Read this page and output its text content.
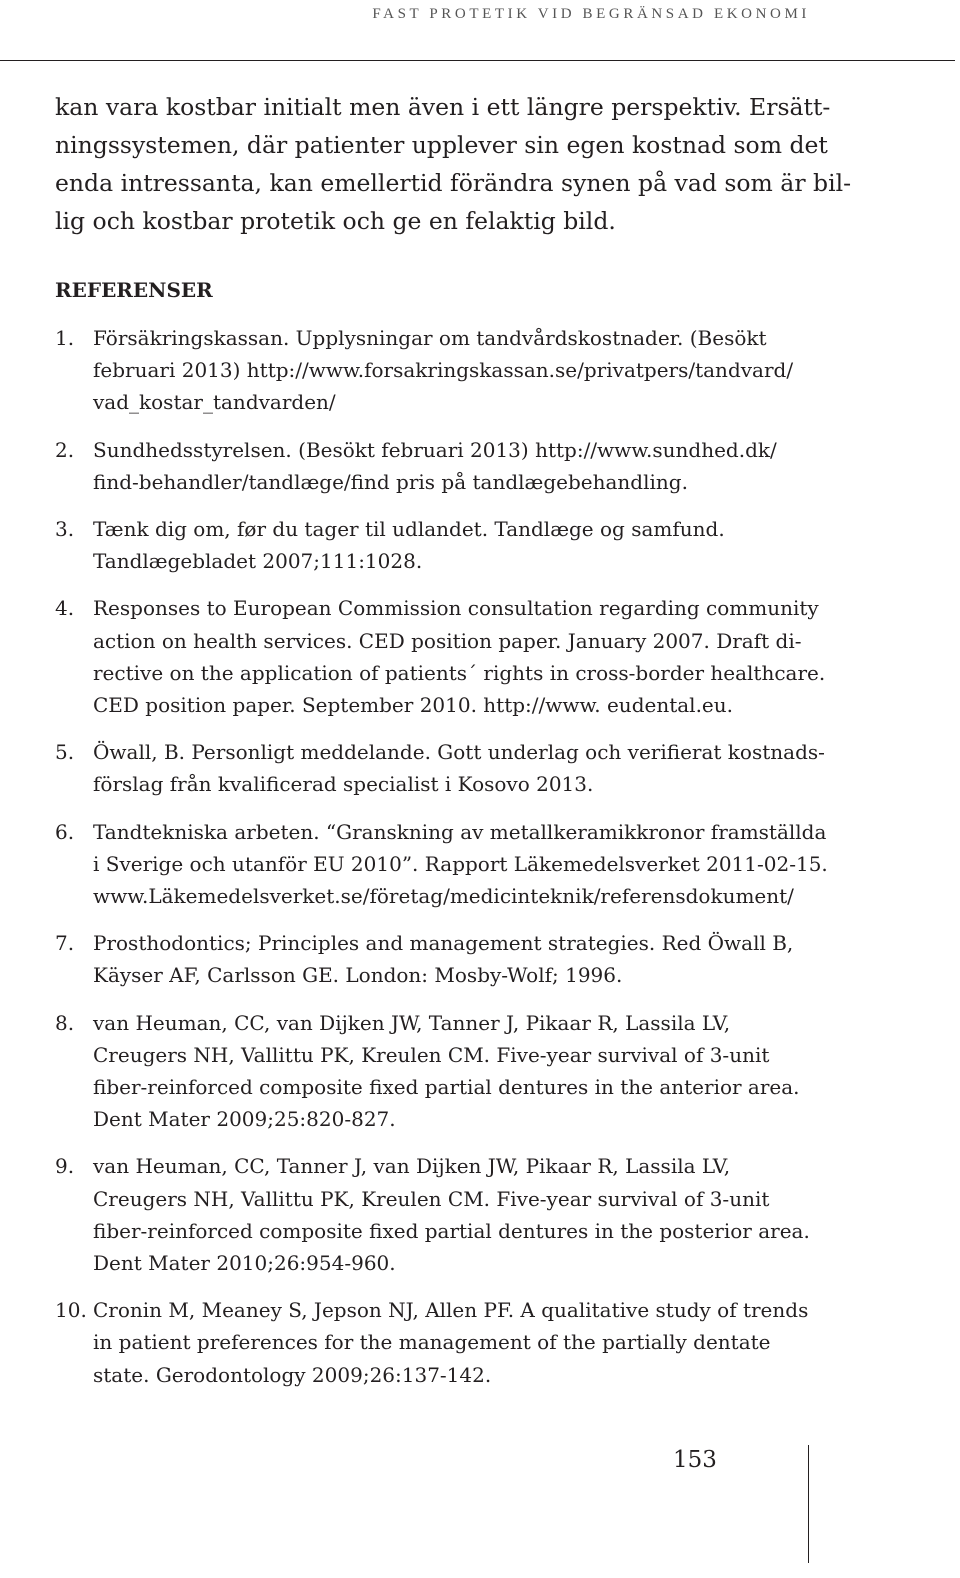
FAST PROTETIK VID BEGRÄNSAD EKONOMI

kan vara kostbar initialt men även i ett längre perspektiv. Ersätt-
ningssystemen, där patienter upplever sin egen kostnad som det
enda intressanta, kan emellertid förändra synen på vad som är bil-
lig och kostbar protetik och ge en felaktig bild.

REFERENSER
1. Försäkringskassan. Upplysningar om tandvårdskostnader. (Besökt
februari 2013) http://www.forsakringskassan.se/privatpers/tandvard/
vad_kostar_tandvarden/
2. Sundhedsstyrelsen. (Besökt februari 2013) http://www.sundhed.dk/
find-behandler/tandlæge/find pris på tandlægebehandling.
3. Tænk dig om, før du tager til udlandet. Tandlæge og samfund.
Tandlægebladet 2007;111:1028.
4. Responses to European Commission consultation regarding community
action on health services. CED position paper. January 2007. Draft di-
rective on the application of patients´ rights in cross-border healthcare.
CED position paper. September 2010. http://www. eudental.eu.
5. Öwall, B. Personligt meddelande. Gott underlag och verifierat kostnads-
förslag från kvalificerad specialist i Kosovo 2013.
6. Tandtekniska arbeten. “Granskning av metallkeramikkronor framställda
i Sverige och utanför EU 2010”. Rapport Läkemedelsverket 2011-02-15.
www.Läkemedelsverket.se/företag/medicinteknik/referensdokument/
7. Prosthodontics; Principles and management strategies. Red Öwall B,
Käyser AF, Carlsson GE. London: Mosby-Wolf; 1996.
8. van Heuman, CC, van Dijken JW, Tanner J, Pikaar R, Lassila LV,
Creugers NH, Vallittu PK, Kreulen CM. Five-year survival of 3-unit
fiber-reinforced composite fixed partial dentures in the anterior area.
Dent Mater 2009;25:820-827.
9. van Heuman, CC, Tanner J, van Dijken JW, Pikaar R, Lassila LV,
Creugers NH, Vallittu PK, Kreulen CM. Five-year survival of 3-unit
fiber-reinforced composite fixed partial dentures in the posterior area.
Dent Mater 2010;26:954-960.
10. Cronin M, Meaney S, Jepson NJ, Allen PF. A qualitative study of trends
in patient preferences for the management of the partially dentate
state. Gerodontology 2009;26:137-142.
153
